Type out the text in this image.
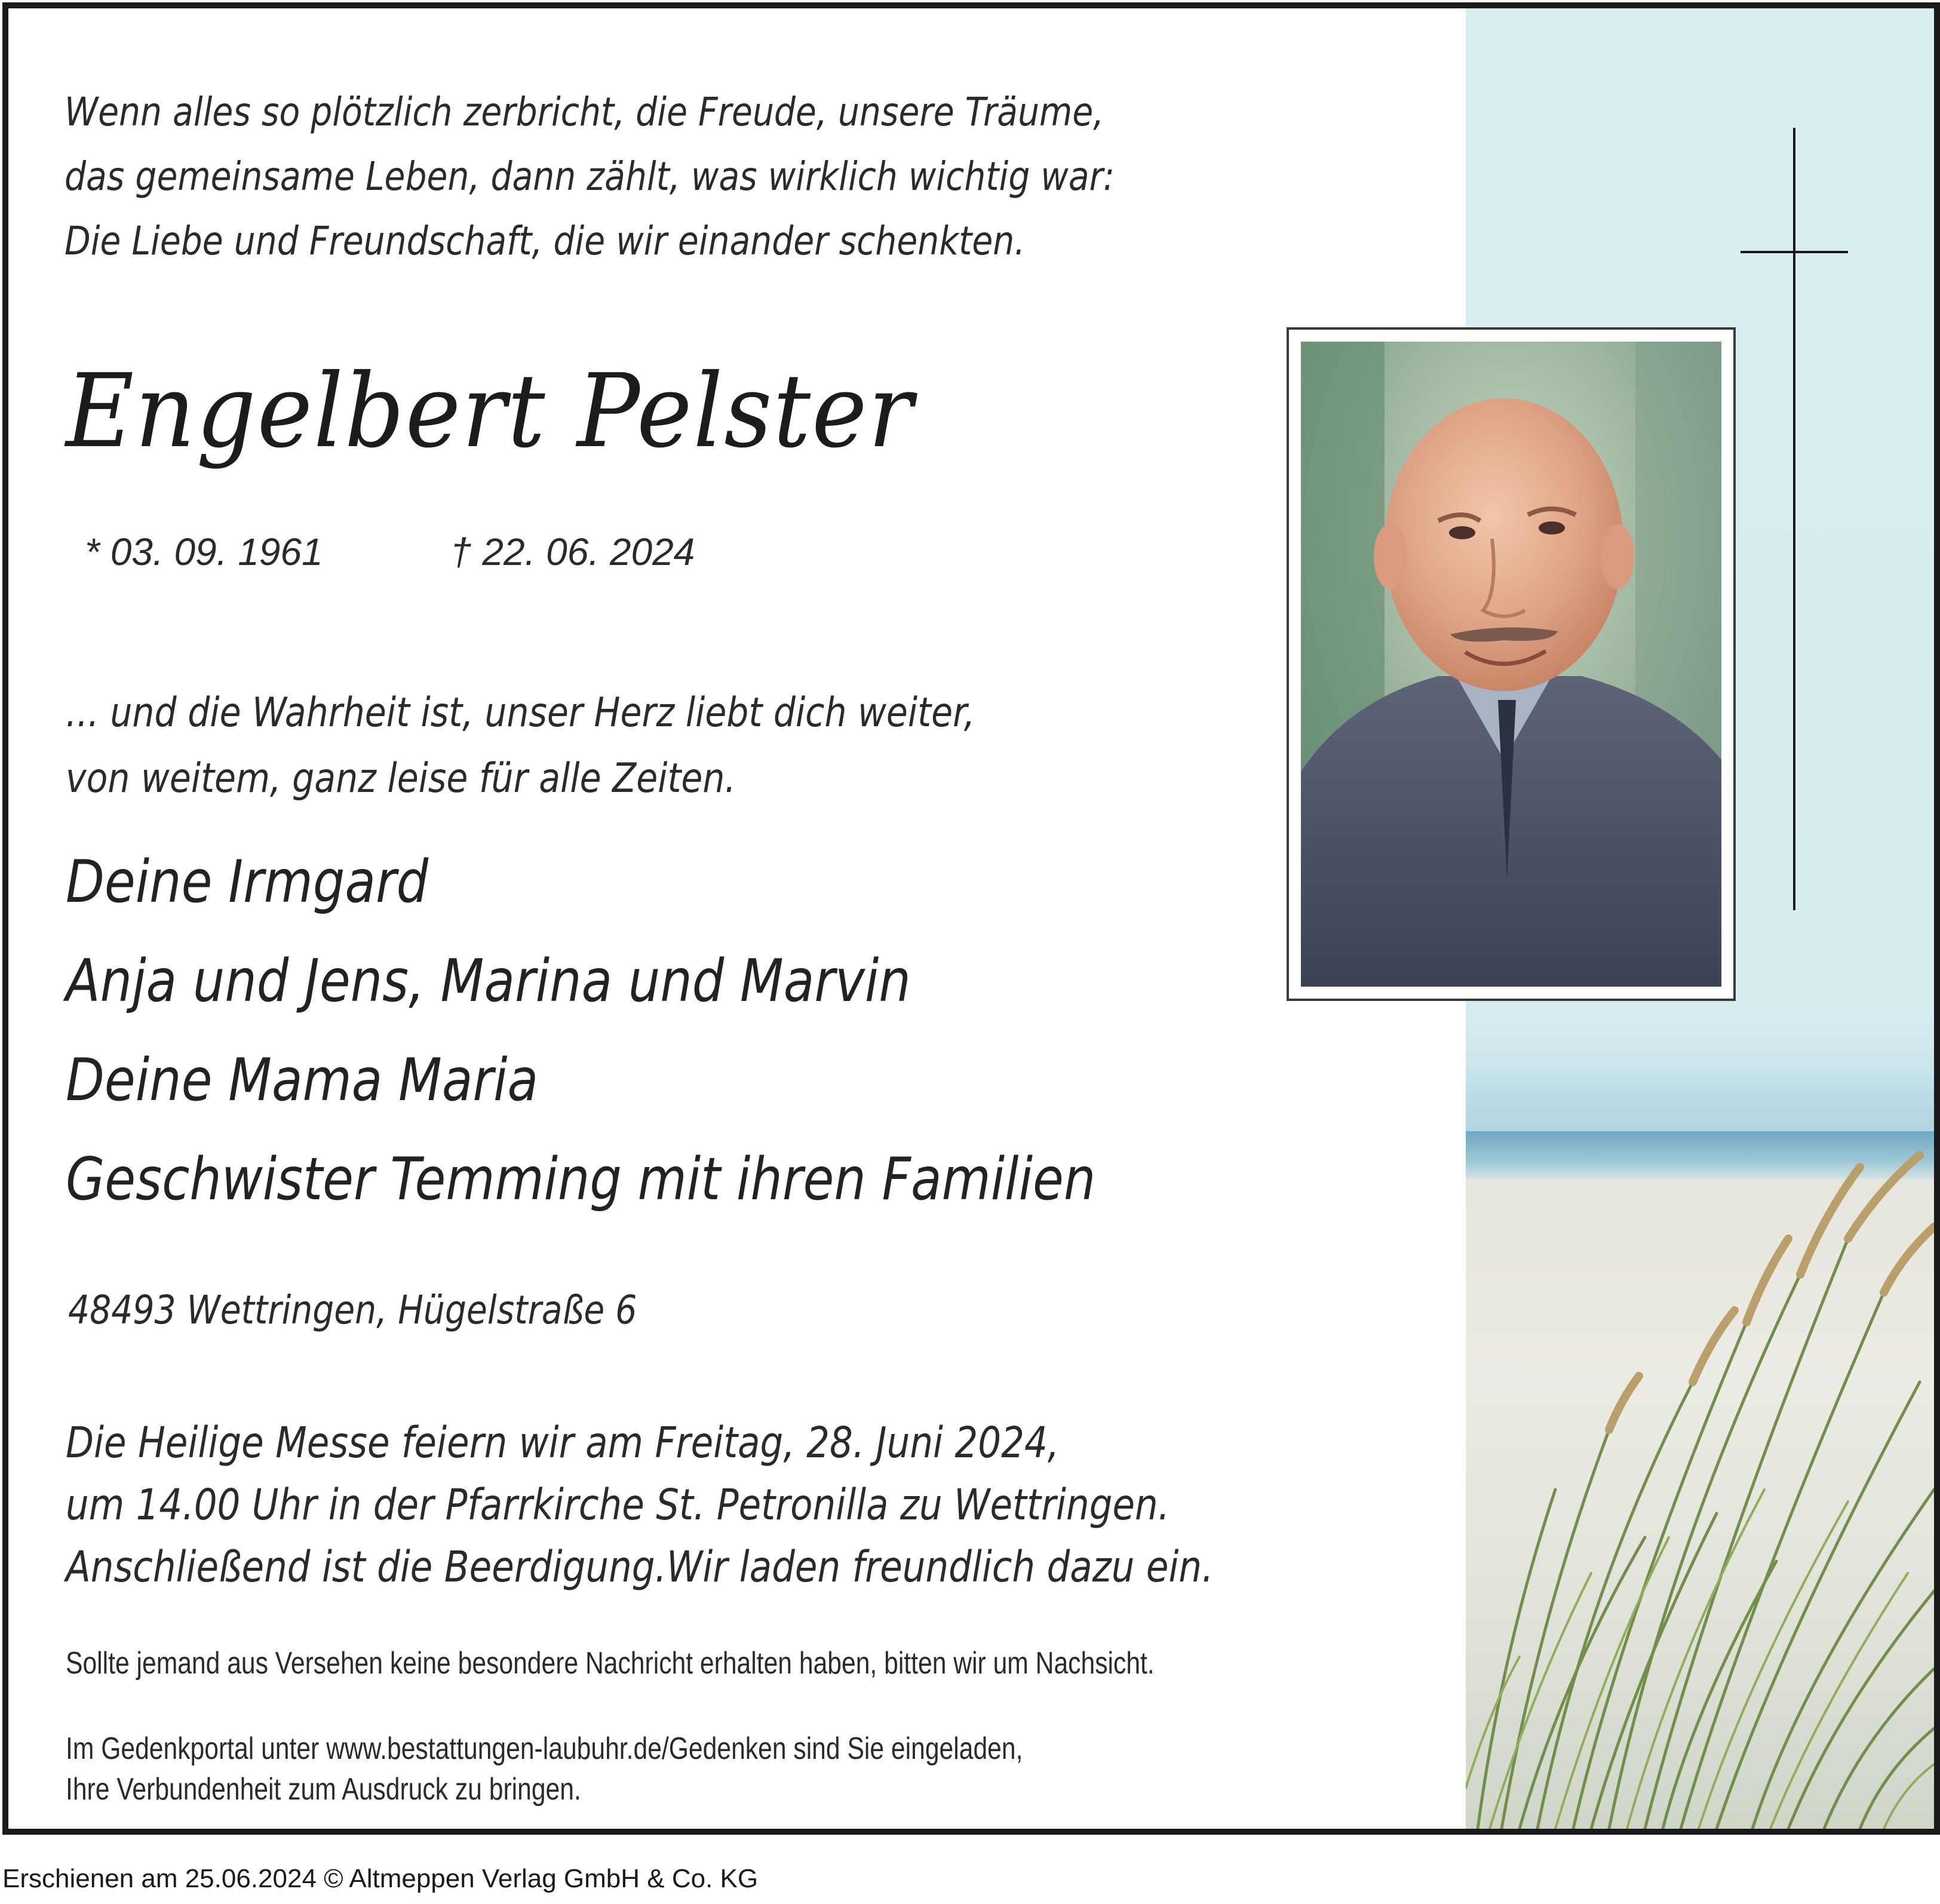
Wenn alles so plötzlich zerbricht, die Freude, unsere Träume,
das gemeinsame Leben, dann zählt, was wirklich wichtig war:
Die Liebe und Freundschaft, die wir einander schenkten.
Engelbert Pelster
* 03. 09. 1961	† 22. 06. 2024
... und die Wahrheit ist, unser Herz liebt dich weiter,
von weitem, ganz leise für alle Zeiten.
Deine Irmgard
Anja und Jens, Marina und Marvin
Deine Mama Maria
Geschwister Temming mit ihren Familien
48493 Wettringen, Hügelstraße 6
Die Heilige Messe feiern wir am Freitag, 28. Juni 2024,
um 14.00 Uhr in der Pfarrkirche St. Petronilla zu Wettringen.
Anschließend ist die Beerdigung.Wir laden freundlich dazu ein.
Sollte jemand aus Versehen keine besondere Nachricht erhalten haben, bitten wir um Nachsicht.
Im Gedenkportal unter www.bestattungen-laubuhr.de/Gedenken sind Sie eingeladen,
Ihre Verbundenheit zum Ausdruck zu bringen.
Erschienen am 25.06.2024 © Altmeppen Verlag GmbH & Co. KG
